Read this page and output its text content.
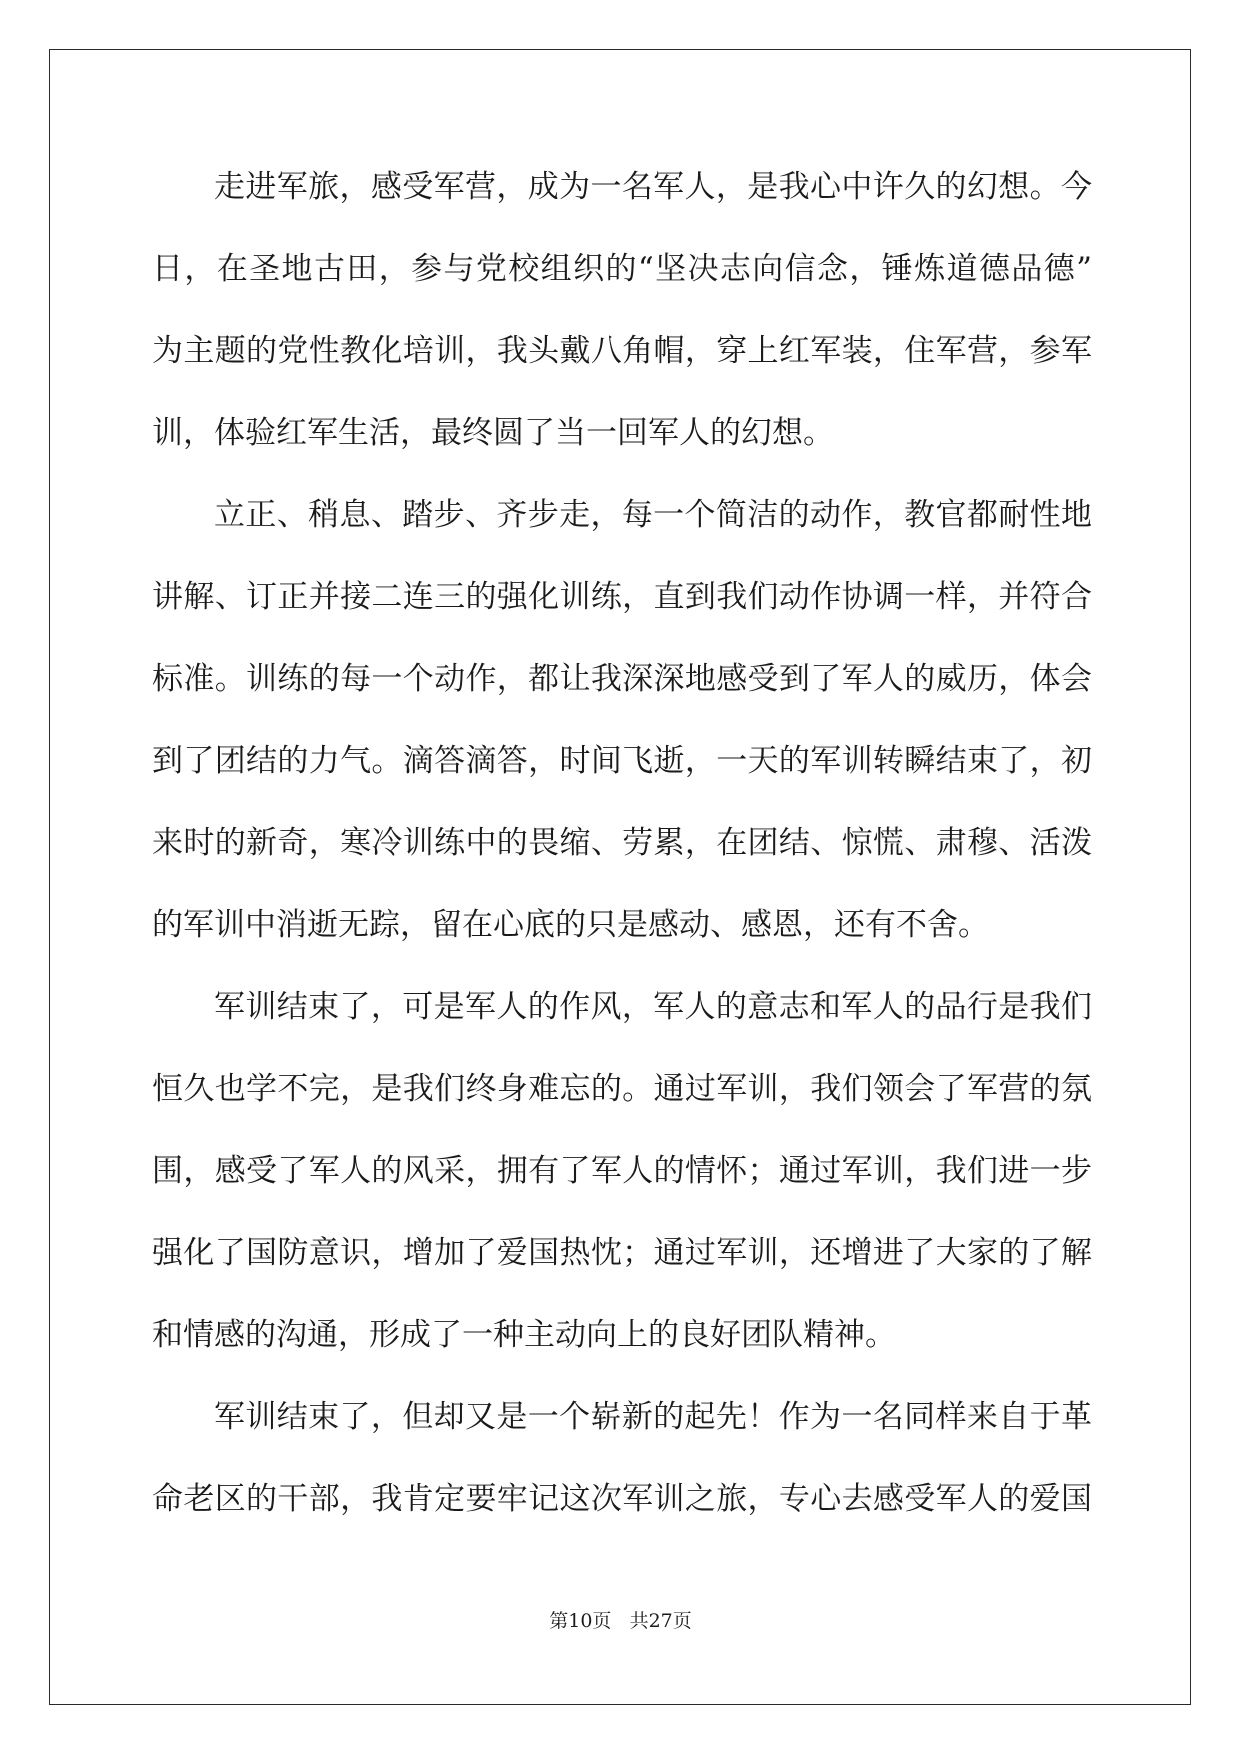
走进军旅，感受军营，成为一名军人，是我心中许久的幻想。今
日，在圣地古田，参与党校组织的“坚决志向信念，锤炼道德品德”
为主题的党性教化培训，我头戴八角帽，穿上红军装，住军营，参军
训，体验红军生活，最终圆了当一回军人的幻想。
立正、稍息、踏步、齐步走，每一个简洁的动作，教官都耐性地
讲解、订正并接二连三的强化训练，直到我们动作协调一样，并符合
标准。训练的每一个动作，都让我深深地感受到了军人的威历，体会
到了团结的力气。滴答滴答，时间飞逝，一天的军训转瞬结束了，初
来时的新奇，寒冷训练中的畏缩、劳累，在团结、惊慌、肃穆、活泼
的军训中消逝无踪，留在心底的只是感动、感恩，还有不舍。
军训结束了，可是军人的作风，军人的意志和军人的品行是我们
恒久也学不完，是我们终身难忘的。通过军训，我们领会了军营的氛
围，感受了军人的风采，拥有了军人的情怀；通过军训，我们进一步
强化了国防意识，增加了爱国热忱；通过军训，还增进了大家的了解
和情感的沟通，形成了一种主动向上的良好团队精神。
军训结束了，但却又是一个崭新的起先！作为一名同样来自于革
命老区的干部，我肯定要牢记这次军训之旅，专心去感受军人的爱国
第10页 共27页
